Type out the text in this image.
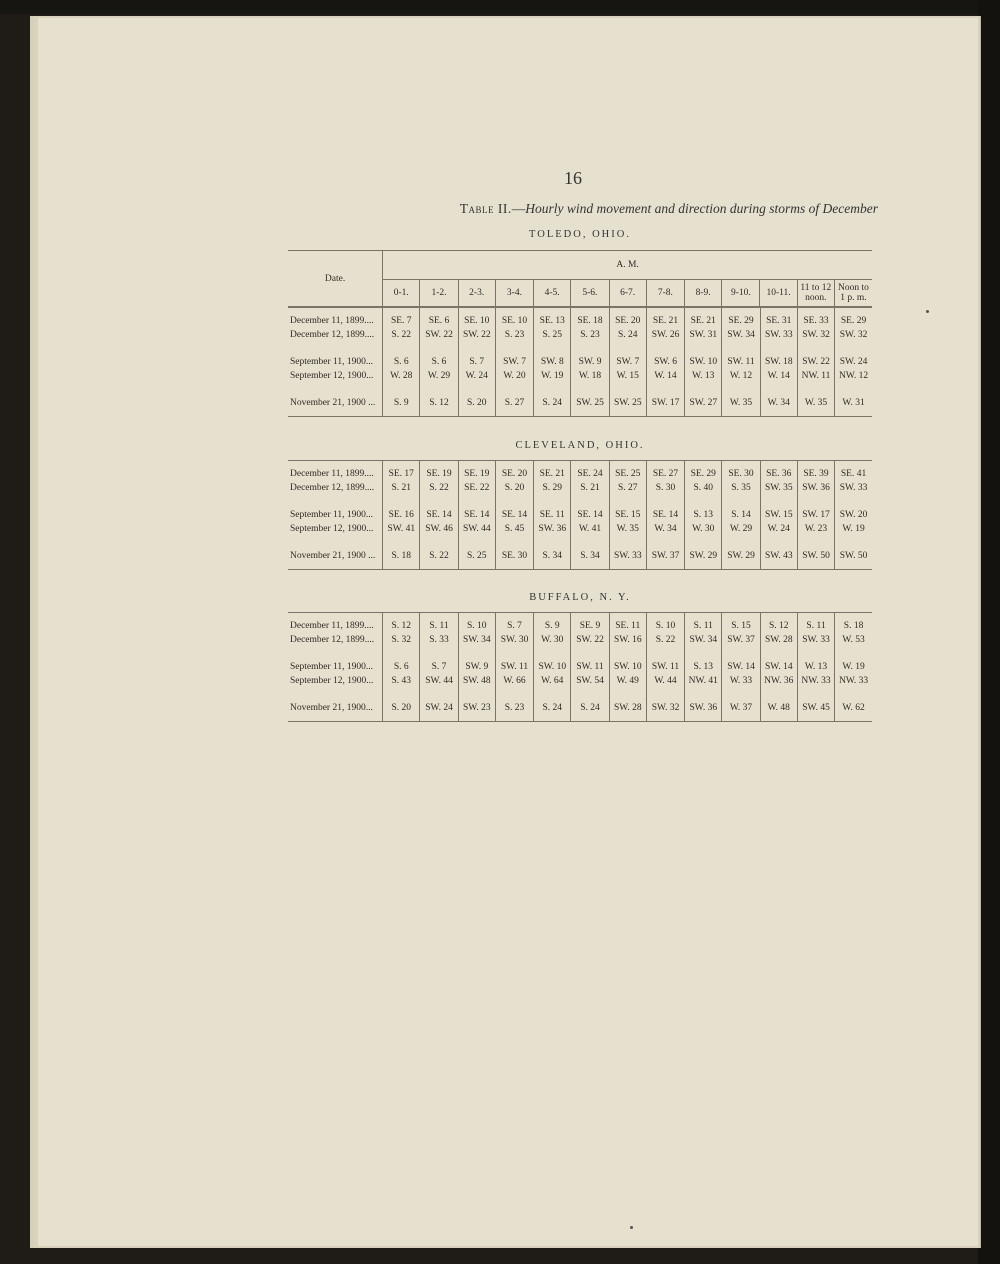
16
Table II.—Hourly wind movement and direction during storms of December
TOLEDO, OHIO.
Date.	A. M.												
	0-1.	1-2.	2-3.	3-4.	4-5.	5-6.	6-7.	7-8.	8-9.	9-10.	10-11.	11 to 12 noon.	Noon to 1 p. m.
December 11, 1899....	SE. 7	SE. 6	SE. 10	SE. 10	SE. 13	SE. 18	SE. 20	SE. 21	SE. 21	SE. 29	SE. 31	SE. 33	SE. 29
December 12, 1899....	S. 22	SW. 22	SW. 22	S. 23	S. 25	S. 23	S. 24	SW. 26	SW. 31	SW. 34	SW. 33	SW. 32	SW. 32
September 11, 1900...	S. 6	S. 6	S. 7	SW. 7	SW. 8	SW. 9	SW. 7	SW. 6	SW. 10	SW. 11	SW. 18	SW. 22	SW. 24
September 12, 1900...	W. 28	W. 29	W. 24	W. 20	W. 19	W. 18	W. 15	W. 14	W. 13	W. 12	W. 14	NW. 11	NW. 12
November 21, 1900 ...	S. 9	S. 12	S. 20	S. 27	S. 24	SW. 25	SW. 25	SW. 17	SW. 27	W. 35	W. 34	W. 35	W. 31
CLEVELAND, OHIO.
December 11, 1899....	SE. 17	SE. 19	SE. 19	SE. 20	SE. 21	SE. 24	SE. 25	SE. 27	SE. 29	SE. 30	SE. 36	SE. 39	SE. 41
December 12, 1899....	S. 21	S. 22	SE. 22	S. 20	S. 29	S. 21	S. 27	S. 30	S. 40	S. 35	SW. 35	SW. 36	SW. 33
September 11, 1900...	SE. 16	SE. 14	SE. 14	SE. 14	SE. 11	SE. 14	SE. 15	SE. 14	S. 13	S. 14	SW. 15	SW. 17	SW. 20
September 12, 1900...	SW. 41	SW. 46	SW. 44	S. 45	SW. 36	W. 41	W. 35	W. 34	W. 30	W. 29	W. 24	W. 23	W. 19
November 21, 1900 ...	S. 18	S. 22	S. 25	SE. 30	S. 34	S. 34	SW. 33	SW. 37	SW. 29	SW. 29	SW. 43	SW. 50	SW. 50
BUFFALO, N. Y.
December 11, 1899....	S. 12	S. 11	S. 10	S. 7	S. 9	SE. 9	SE. 11	S. 10	S. 11	S. 15	S. 12	S. 11	S. 18
December 12, 1899....	S. 32	S. 33	SW. 34	SW. 30	W. 30	SW. 22	SW. 16	S. 22	SW. 34	SW. 37	SW. 28	SW. 33	W. 53
September 11, 1900...	S. 6	S. 7	SW. 9	SW. 11	SW. 10	SW. 11	SW. 10	SW. 11	S. 13	SW. 14	SW. 14	W. 13	W. 19
September 12, 1900...	S. 43	SW. 44	SW. 48	W. 66	W. 64	SW. 54	W. 49	W. 44	NW. 41	W. 33	NW. 36	NW. 33	NW. 33
November 21, 1900...	S. 20	SW. 24	SW. 23	S. 23	S. 24	S. 24	SW. 28	SW. 32	SW. 36	W. 37	W. 48	SW. 45	W. 62
